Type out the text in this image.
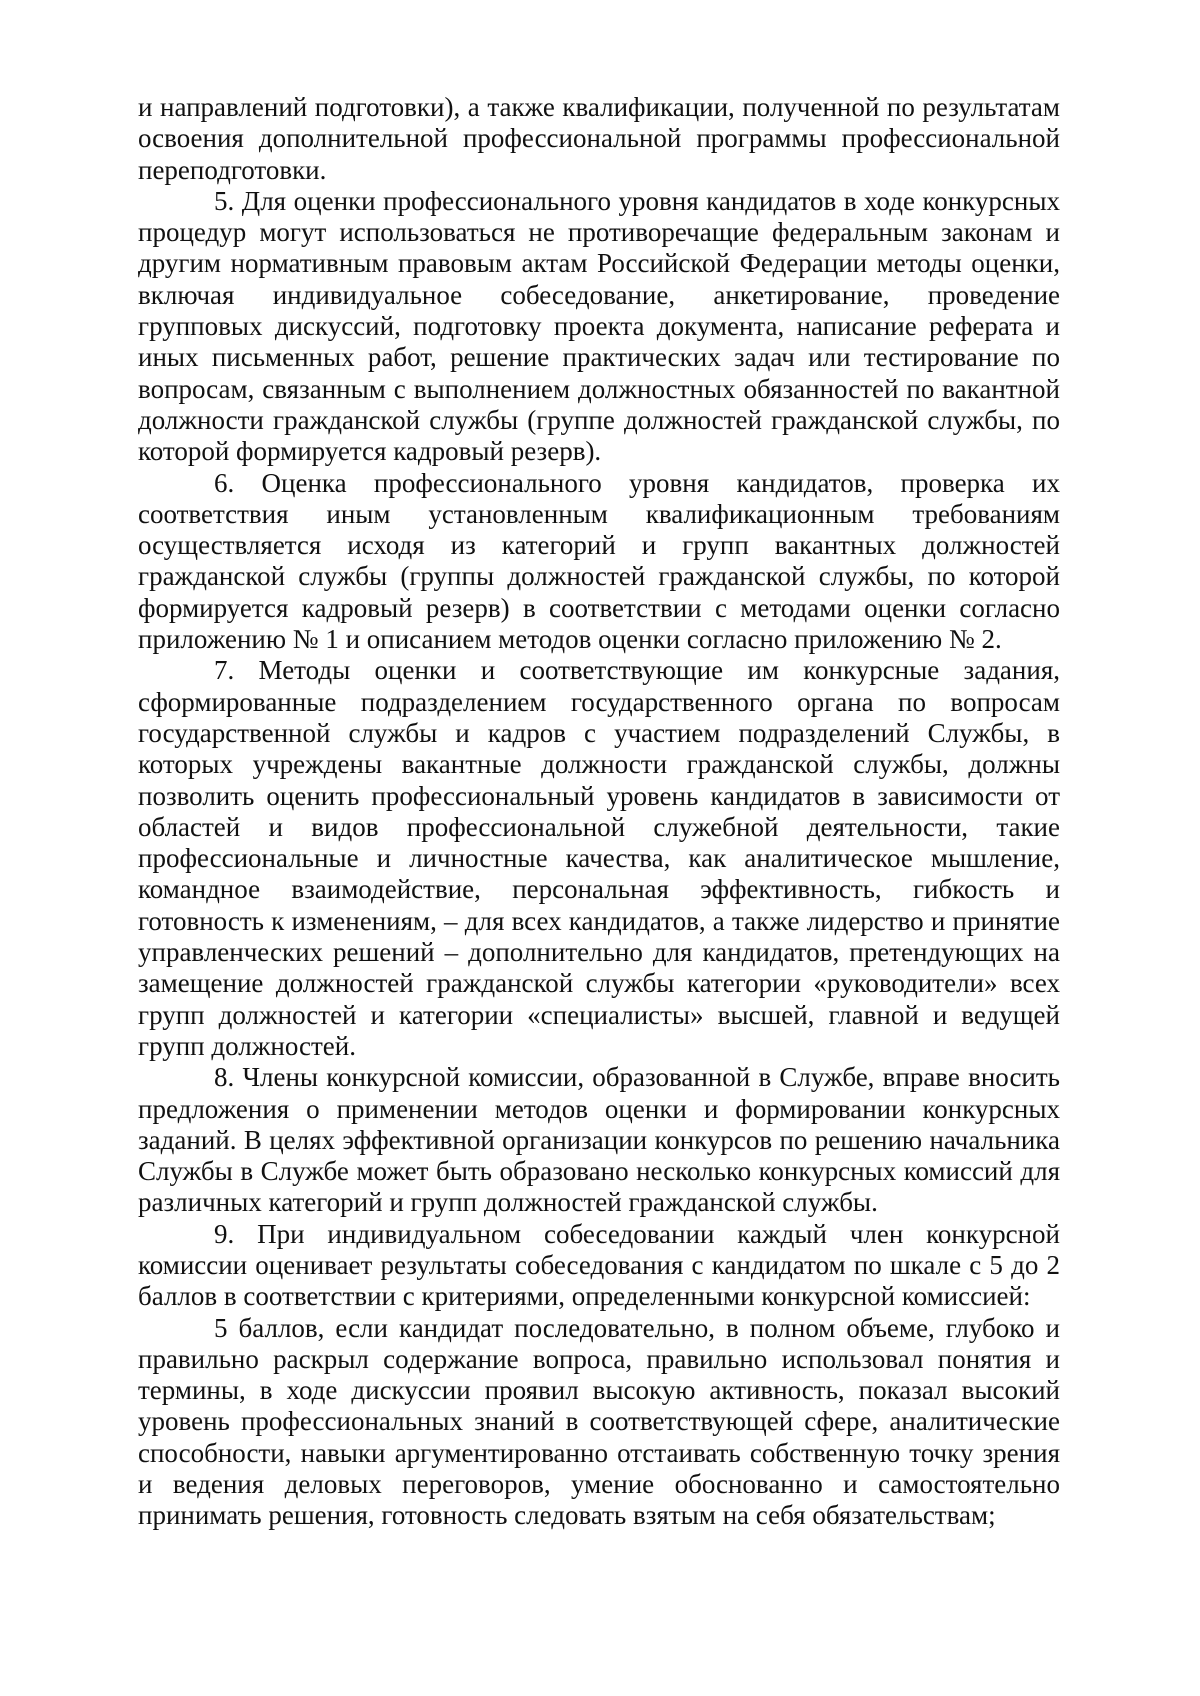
и направлений подготовки), а также квалификации, полученной по результатам освоения дополнительной профессиональной программы профессиональной переподготовки.

5. Для оценки профессионального уровня кандидатов в ходе конкурсных процедур могут использоваться не противоречащие федеральным законам и другим нормативным правовым актам Российской Федерации методы оценки, включая индивидуальное собеседование, анкетирование, проведение групповых дискуссий, подготовку проекта документа, написание реферата и иных письменных работ, решение практических задач или тестирование по вопросам, связанным с выполнением должностных обязанностей по вакантной должности гражданской службы (группе должностей гражданской службы, по которой формируется кадровый резерв).

6. Оценка профессионального уровня кандидатов, проверка их соответствия иным установленным квалификационным требованиям осуществляется исходя из категорий и групп вакантных должностей гражданской службы (группы должностей гражданской службы, по которой формируется кадровый резерв) в соответствии с методами оценки согласно приложению № 1 и описанием методов оценки согласно приложению № 2.

7. Методы оценки и соответствующие им конкурсные задания, сформированные подразделением государственного органа по вопросам государственной службы и кадров с участием подразделений Службы, в которых учреждены вакантные должности гражданской службы, должны позволить оценить профессиональный уровень кандидатов в зависимости от областей и видов профессиональной служебной деятельности, такие профессиональные и личностные качества, как аналитическое мышление, командное взаимодействие, персональная эффективность, гибкость и готовность к изменениям, – для всех кандидатов, а также лидерство и принятие управленческих решений – дополнительно для кандидатов, претендующих на замещение должностей гражданской службы категории «руководители» всех групп должностей и категории «специалисты» высшей, главной и ведущей групп должностей.

8. Члены конкурсной комиссии, образованной в Службе, вправе вносить предложения о применении методов оценки и формировании конкурсных заданий. В целях эффективной организации конкурсов по решению начальника Службы в Службе может быть образовано несколько конкурсных комиссий для различных категорий и групп должностей гражданской службы.

9. При индивидуальном собеседовании каждый член конкурсной комиссии оценивает результаты собеседования с кандидатом по шкале с 5 до 2 баллов в соответствии с критериями, определенными конкурсной комиссией:

5 баллов, если кандидат последовательно, в полном объеме, глубоко и правильно раскрыл содержание вопроса, правильно использовал понятия и термины, в ходе дискуссии проявил высокую активность, показал высокий уровень профессиональных знаний в соответствующей сфере, аналитические способности, навыки аргументированно отстаивать собственную точку зрения и ведения деловых переговоров, умение обоснованно и самостоятельно принимать решения, готовность следовать взятым на себя обязательствам;
